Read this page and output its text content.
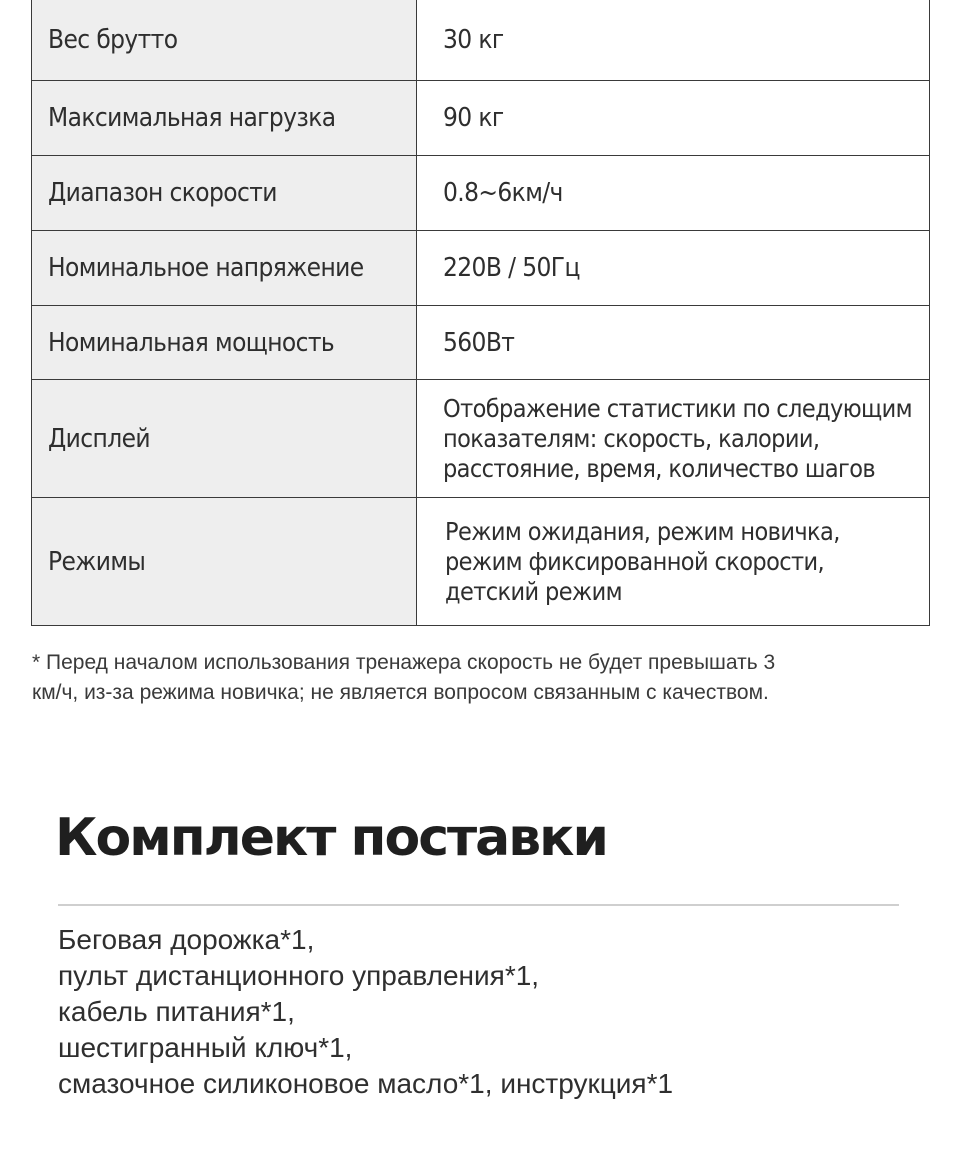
Вес брутто	30 кг
Максимальная нагрузка	90 кг
Диапазон скорости	0.8~6км/ч
Номинальное напряжение	220В / 50Гц
Номинальная мощность	560Вт
Дисплей	Отображение статистики по следующим
показателям: скорость, калории,
расстояние, время, количество шагов

Режимы	Режим ожидания, режим новичка,
режим фиксированной скорости,
детский режим
* Перед началом использования тренажера скорость не будет превышать 3
км/ч, из-за режима новичка; не является вопросом связанным с качеством.
Комплект поставки
Беговая дорожка*1,
пульт дистанционного управления*1,
кабель питания*1,
шестигранный ключ*1,
смазочное силиконовое масло*1, инструкция*1
